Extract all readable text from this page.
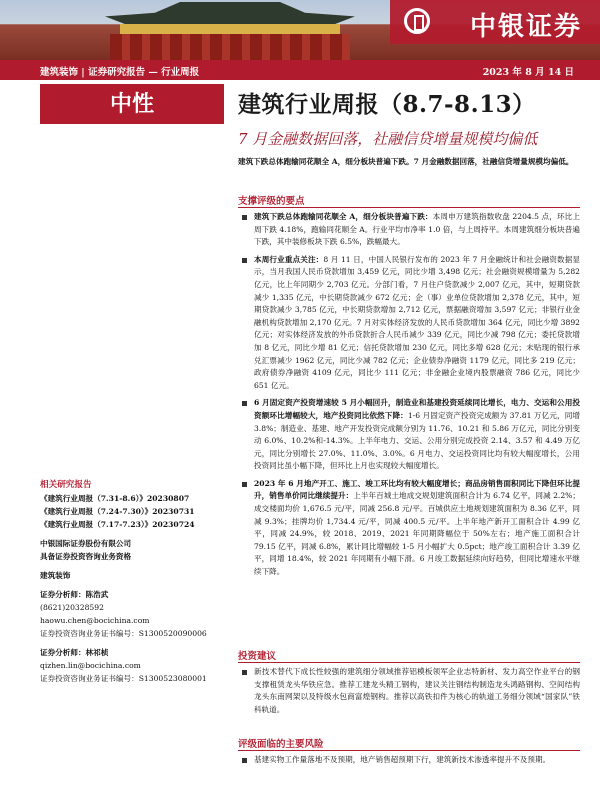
中银证券
建筑装饰 | 证券研究报告 — 行业周报	2023 年 8 月 14 日
中性	建筑行业周报（8.7-8.13）
7 月金融数据回落，社融信贷增量规模均偏低
建筑下跌总体跑输同花顺全 A，细分板块普遍下跌。7 月金融数据回落，社融信贷增量规模均偏低。
支撑评级的要点
建筑下跌总体跑输同花顺全 A，细分板块普遍下跌：本周申万建筑指数收盘 2204.5 点，环比上周下跌 4.18%，跑输同花顺全 A。行业平均市净率 1.0 倍，与上周持平。本周建筑细分板块普遍下跌，其中装修板块下跌 6.5%，跌幅最大。
本周行业重点关注：8 月 11 日，中国人民银行发布的 2023 年 7 月金融统计和社会融资数据显示，当月我国人民币贷款增加 3,459 亿元，同比少增 3,498 亿元；社会融资规模增量为 5,282 亿元，比上年同期少 2,703 亿元。分部门看，7 月住户贷款减少 2,007 亿元，其中，短期贷款减少 1,335 亿元，中长期贷款减少 672 亿元；企（事）业单位贷款增加 2,378 亿元，其中，短期贷款减少 3,785 亿元，中长期贷款增加 2,712 亿元，票据融资增加 3,597 亿元；非银行业金融机构贷款增加 2,170 亿元。7 月对实体经济发放的人民币贷款增加 364 亿元，同比少增 3892 亿元；对实体经济发放的外币贷款折合人民币减少 339 亿元，同比少减 798 亿元；委托贷款增加 8 亿元，同比少增 81 亿元；信托贷款增加 230 亿元，同比多增 628 亿元；未贴现的银行承兑汇票减少 1962 亿元，同比少减 782 亿元；企业债券净融资 1179 亿元，同比多 219 亿元；政府债券净融资 4109 亿元，同比少 111 亿元；非金融企业境内股票融资 786 亿元，同比少 651 亿元。
6 月固定资产投资增速较 5 月小幅回升，制造业和基建投资延续同比增长，电力、交运和公用投资额环比增幅较大，地产投资同比依然下降：1-6 月固定资产投资完成额为 37.81 万亿元，同增 3.8%；制造业、基建、地产开发投资完成额分别为 11.76、10.21 和 5.86 万亿元，同比分别变动 6.0%、10.2%和-14.3%。上半年电力、交运、公用分别完成投资 2.14、3.57 和 4.49 万亿元，同比分别增长 27.0%、11.0%、3.0%。6 月电力、交运投资同比均有较大幅度增长，公用投资同比虽小幅下降，但环比上月也实现较大幅度增长。
2023 年 6 月地产开工、施工、竣工环比均有较大幅度增长；商品房销售面积同比下降但环比提升，销售单价同比继续提升：上半年百城土地成交规划建筑面积合计为 6.74 亿平，同减 2.2%；成交楼面均价 1,676.5 元/平，同减 256.8 元/平。百城供应土地规划建筑面积为 8.36 亿平，同减 9.3%；挂牌均价 1,734.4 元/平，同减 400.5 元/平。上半年地产新开工面积合计 4.99 亿平，同减 24.9%，较 2018、2019、2021 年同期降幅位于 50%左右；地产施工面积合计 79.15 亿平，同减 6.8%，累计同比增幅较 1-5 月小幅扩大 0.5pct；地产竣工面积合计 3.39 亿平，同增 18.4%，较 2021 年同期有小幅下滑。6 月竣工数据延续向好趋势，但同比增速水平继续下降。
投资建议
新技术替代下成长性较强的建筑细分领域推荐铝模板领军企业志特新材、发力高空作业平台的钢支撑租赁龙头华铁应急。推荐工建龙头精工钢构，建议关注钢结构制造龙头鸿路钢构、空间结构龙头东南网架以及特级水包商富煌钢构。推荐以高铁扣件为核心的轨道工务细分领域“国家队”铁科轨道。
评级面临的主要风险
基建实物工作量落地不及预期，地产销售超预期下行，建筑新技术渗透率提升不及预期。
相关研究报告
《建筑行业周报（7.31-8.6）》20230807
《建筑行业周报（7.24-7.30）》20230731
《建筑行业周报（7.17-7.23）》20230724
中银国际证券股份有限公司
具备证券投资咨询业务资格
建筑装饰
证券分析师：陈浩武
(8621)20328592
haowu.chen@bocichina.com
证券投资咨询业务证书编号：S1300520090006
证券分析师：林祁桢
qizhen.lin@bocichina.com
证券投资咨询业务证书编号：S1300523080001
